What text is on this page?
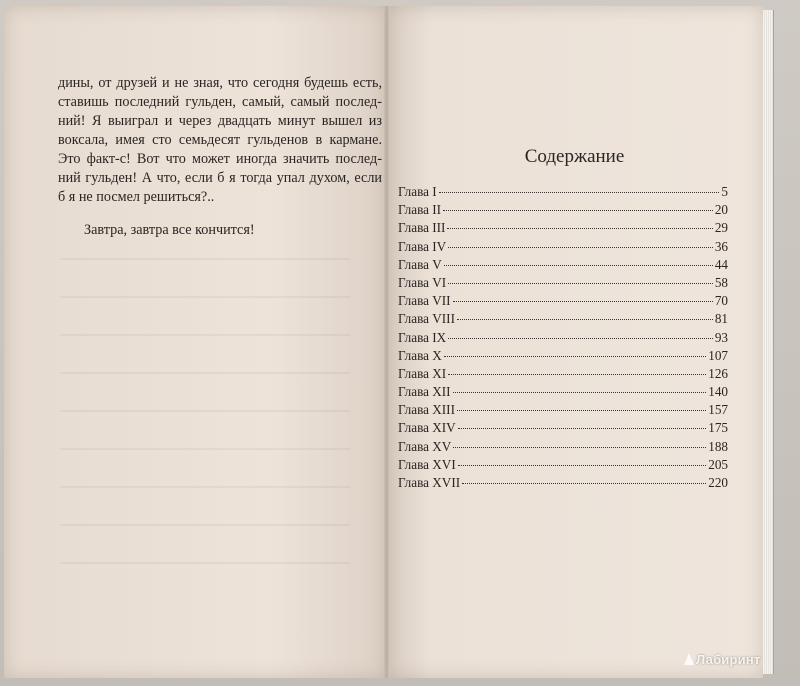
дины, от друзей и не зная, что сегодня будешь есть,
ставишь последний гульден, самый, самый послед-
ний! Я выиграл и через двадцать минут вышел из
воксала, имея сто семьдесят гульденов в кармане.
Это факт-с! Вот что может иногда значить послед-
ний гульден! А что, если б я тогда упал духом, если
б я не посмел решиться?..
Завтра, завтра все кончится!
Содержание
Глава I	5
Глава II	20
Глава III	29
Глава IV	36
Глава V	44
Глава VI	58
Глава VII	70
Глава VIII	81
Глава IX	93
Глава X	107
Глава XI	126
Глава XII	140
Глава XIII	157
Глава XIV	175
Глава XV	188
Глава XVI	205
Глава XVII	220
Лабиринт
